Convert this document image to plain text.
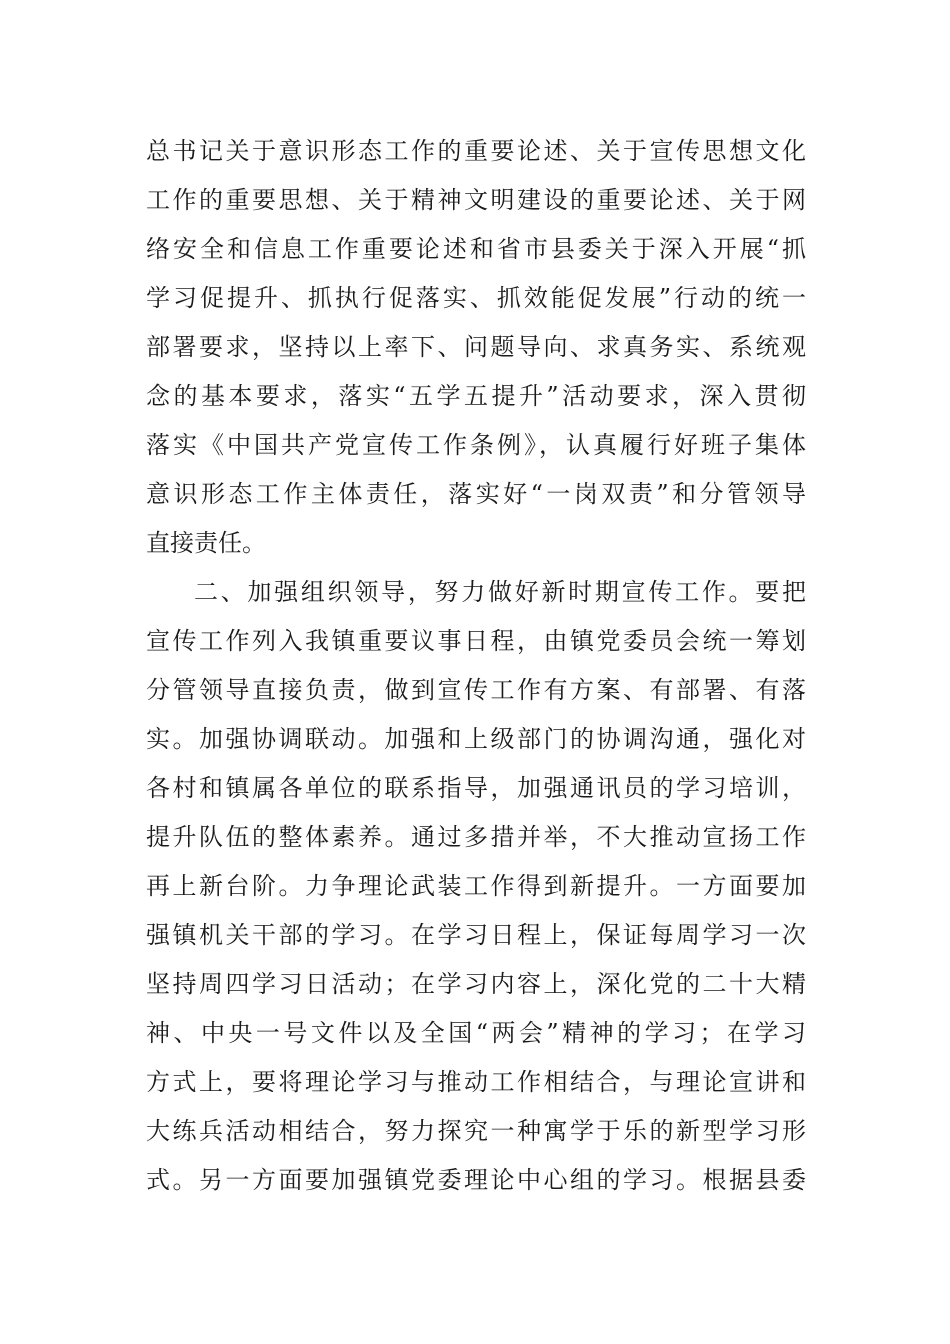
总书记关于意识形态工作的重要论述、关于宣传思想文化
工作的重要思想、关于精神文明建设的重要论述、关于网
络安全和信息工作重要论述和省市县委关于深入开展“抓
学习促提升、抓执行促落实、抓效能促发展”行动的统一
部署要求，坚持以上率下、问题导向、求真务实、系统观
念的基本要求，落实“五学五提升”活动要求，深入贯彻
落实《中国共产党宣传工作条例》，认真履行好班子集体
意识形态工作主体责任，落实好“一岗双责”和分管领导
直接责任。
二、加强组织领导，努力做好新时期宣传工作。要把
宣传工作列入我镇重要议事日程，由镇党委员会统一筹划
分管领导直接负责，做到宣传工作有方案、有部署、有落
实。加强协调联动。加强和上级部门的协调沟通，强化对
各村和镇属各单位的联系指导，加强通讯员的学习培训，
提升队伍的整体素养。通过多措并举，不大推动宣扬工作
再上新台阶。力争理论武装工作得到新提升。一方面要加
强镇机关干部的学习。在学习日程上，保证每周学习一次
坚持周四学习日活动；在学习内容上，深化党的二十大精
神、中央一号文件以及全国“两会”精神的学习；在学习
方式上，要将理论学习与推动工作相结合，与理论宣讲和
大练兵活动相结合，努力探究一种寓学于乐的新型学习形
式。另一方面要加强镇党委理论中心组的学习。根据县委
